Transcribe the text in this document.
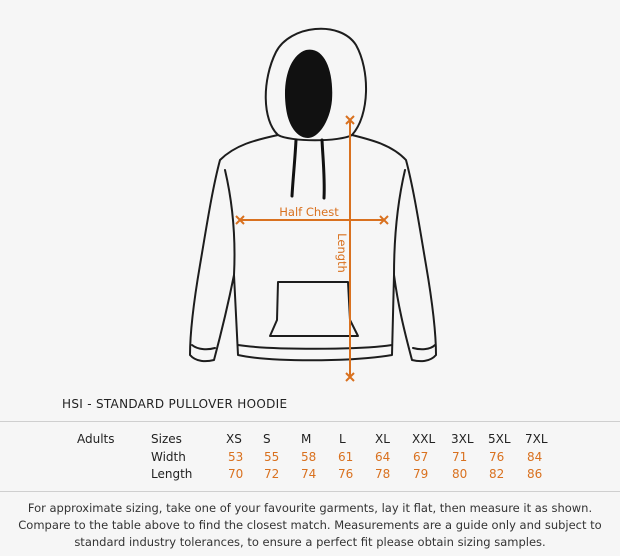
Half Chest
Length
HSI - STANDARD PULLOVER HOODIE
Adults	Sizes
Width
Length
XS S	M L XL XXL 3XL 5XL 7XL
53 55 58 61 64 67 71 76 84
70 72 74 76 78 79 80 82 86
For approximate sizing, take one of your favourite garments, lay it flat, then measure it as shown.
Compare to the table above to find the closest match. Measurements are a guide only and subject to
standard industry tolerances, to ensure a perfect fit please obtain sizing samples.
